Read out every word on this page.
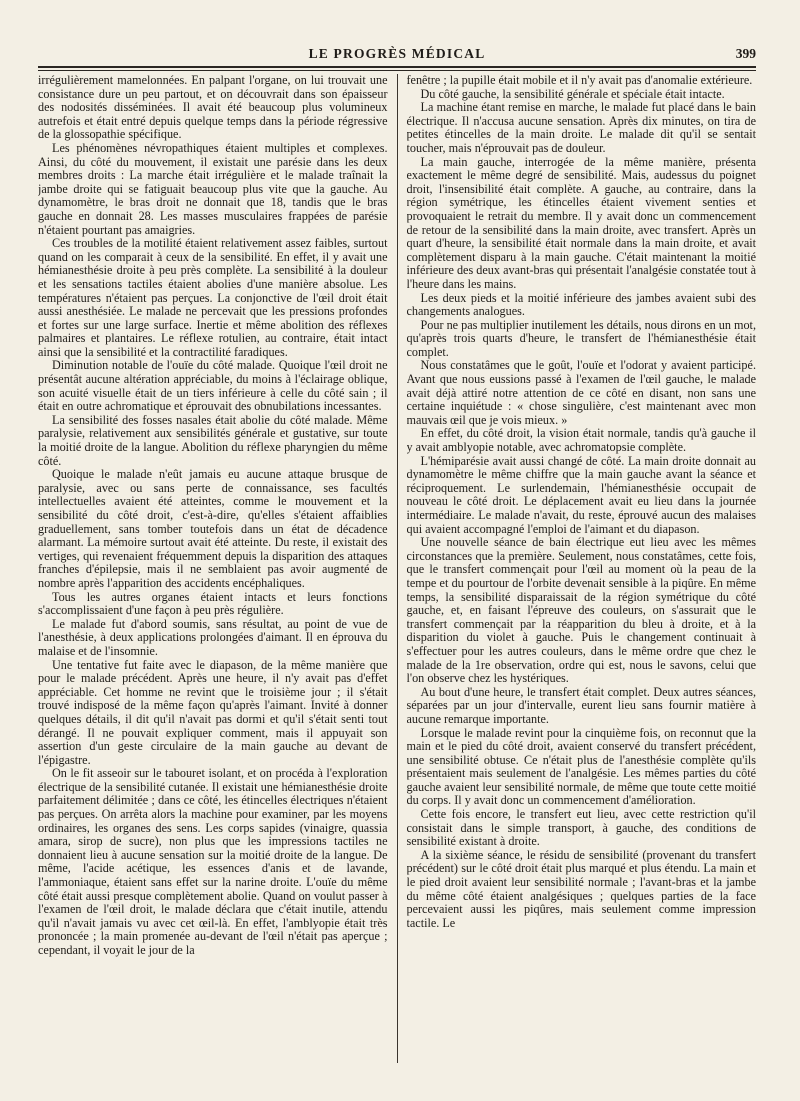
LE PROGRÈS MÉDICAL	399

irrégulièrement mamelonnées. En palpant l'organe, on lui trouvait une consistance dure un peu partout, et on découvrait dans son épaisseur des nodosités disséminées. Il avait été beaucoup plus volumineux autrefois et était entré depuis quelque temps dans la période régressive de la glossopathie spécifique.

Les phénomènes névropathiques étaient multiples et complexes. Ainsi, du côté du mouvement, il existait une parésie dans les deux membres droits : La marche était irrégulière et le malade traînait la jambe droite qui se fatiguait beaucoup plus vite que la gauche. Au dynamomètre, le bras droit ne donnait que 18, tandis que le bras gauche en donnait 28. Les masses musculaires frappées de parésie n'étaient pourtant pas amaigries.

Ces troubles de la motilité étaient relativement assez faibles, surtout quand on les comparait à ceux de la sensibilité. En effet, il y avait une hémianesthésie droite à peu près complète. La sensibilité à la douleur et les sensations tactiles étaient abolies d'une manière absolue. Les températures n'étaient pas perçues. La conjonctive de l'œil droit était aussi anesthésiée. Le malade ne percevait que les pressions profondes et fortes sur une large surface. Inertie et même abolition des réflexes palmaires et plantaires. Le réflexe rotulien, au contraire, était intact ainsi que la sensibilité et la contractilité faradiques.

Diminution notable de l'ouïe du côté malade. Quoique l'œil droit ne présentât aucune altération appréciable, du moins à l'éclairage oblique, son acuité visuelle était de un tiers inférieure à celle du côté sain ; il était en outre achromatique et éprouvait des obnubilations incessantes.

La sensibilité des fosses nasales était abolie du côté malade. Même paralysie, relativement aux sensibilités générale et gustative, sur toute la moitié droite de la langue. Abolition du réflexe pharyngien du même côté.

Quoique le malade n'eût jamais eu aucune attaque brusque de paralysie, avec ou sans perte de connaissance, ses facultés intellectuelles avaient été atteintes, comme le mouvement et la sensibilité du côté droit, c'est-à-dire, qu'elles s'étaient affaiblies graduellement, sans tomber toutefois dans un état de décadence alarmant. La mémoire surtout avait été atteinte. Du reste, il existait des vertiges, qui revenaient fréquemment depuis la disparition des attaques franches d'épilepsie, mais il ne semblaient pas avoir augmenté de nombre après l'apparition des accidents encéphaliques.

Tous les autres organes étaient intacts et leurs fonctions s'accomplissaient d'une façon à peu près régulière.

Le malade fut d'abord soumis, sans résultat, au point de vue de l'anesthésie, à deux applications prolongées d'aimant. Il en éprouva du malaise et de l'insomnie.

Une tentative fut faite avec le diapason, de la même manière que pour le malade précédent. Après une heure, il n'y avait pas d'effet appréciable. Cet homme ne revint que le troisième jour ; il s'était trouvé indisposé de la même façon qu'après l'aimant. Invité à donner quelques détails, il dit qu'il n'avait pas dormi et qu'il s'était senti tout dérangé. Il ne pouvait expliquer comment, mais il appuyait son assertion d'un geste circulaire de la main gauche au devant de l'épigastre.

On le fit asseoir sur le tabouret isolant, et on procéda à l'exploration électrique de la sensibilité cutanée. Il existait une hémianesthésie droite parfaitement délimitée ; dans ce côté, les étincelles électriques n'étaient pas perçues. On arrêta alors la machine pour examiner, par les moyens ordinaires, les organes des sens. Les corps sapides (vinaigre, quassia amara, sirop de sucre), non plus que les impressions tactiles ne donnaient lieu à aucune sensation sur la moitié droite de la langue. De même, l'acide acétique, les essences d'anis et de lavande, l'ammoniaque, étaient sans effet sur la narine droite. L'ouïe du même côté était aussi presque complètement abolie. Quand on voulut passer à l'examen de l'œil droit, le malade déclara que c'était inutile, attendu qu'il n'avait jamais vu avec cet œil-là. En effet, l'amblyopie était très prononcée ; la main promenée au-devant de l'œil n'était pas aperçue ; cependant, il voyait le jour de la

fenêtre ; la pupille était mobile et il n'y avait pas d'anomalie extérieure.

Du côté gauche, la sensibilité générale et spéciale était intacte.

La machine étant remise en marche, le malade fut placé dans le bain électrique. Il n'accusa aucune sensation. Après dix minutes, on tira de petites étincelles de la main droite. Le malade dit qu'il se sentait toucher, mais n'éprouvait pas de douleur.

La main gauche, interrogée de la même manière, présenta exactement le même degré de sensibilité. Mais, audessus du poignet droit, l'insensibilité était complète. A gauche, au contraire, dans la région symétrique, les étincelles étaient vivement senties et provoquaient le retrait du membre. Il y avait donc un commencement de retour de la sensibilité dans la main droite, avec transfert. Après un quart d'heure, la sensibilité était normale dans la main droite, et avait complètement disparu à la main gauche. C'était maintenant la moitié inférieure des deux avant-bras qui présentait l'analgésie constatée tout à l'heure dans les mains.

Les deux pieds et la moitié inférieure des jambes avaient subi des changements analogues.

Pour ne pas multiplier inutilement les détails, nous dirons en un mot, qu'après trois quarts d'heure, le transfert de l'hémianesthésie était complet.

Nous constatâmes que le goût, l'ouïe et l'odorat y avaient participé. Avant que nous eussions passé à l'examen de l'œil gauche, le malade avait déjà attiré notre attention de ce côté en disant, non sans une certaine inquiétude : « chose singulière, c'est maintenant avec mon mauvais œil que je vois mieux. »

En effet, du côté droit, la vision était normale, tandis qu'à gauche il y avait amblyopie notable, avec achromatopsie complète.

L'hémiparésie avait aussi changé de côté. La main droite donnait au dynamomètre le même chiffre que la main gauche avant la séance et réciproquement. Le surlendemain, l'hémianesthésie occupait de nouveau le côté droit. Le déplacement avait eu lieu dans la journée intermédiaire. Le malade n'avait, du reste, éprouvé aucun des malaises qui avaient accompagné l'emploi de l'aimant et du diapason.

Une nouvelle séance de bain électrique eut lieu avec les mêmes circonstances que la première. Seulement, nous constatâmes, cette fois, que le transfert commençait pour l'œil au moment où la peau de la tempe et du pourtour de l'orbite devenait sensible à la piqûre. En même temps, la sensibilité disparaissait de la région symétrique du côté gauche, et, en faisant l'épreuve des couleurs, on s'assurait que le transfert commençait par la réapparition du bleu à droite, et à la disparition du violet à gauche. Puis le changement continuait à s'effectuer pour les autres couleurs, dans le même ordre que chez le malade de la 1re observation, ordre qui est, nous le savons, celui que l'on observe chez les hystériques.

Au bout d'une heure, le transfert était complet. Deux autres séances, séparées par un jour d'intervalle, eurent lieu sans fournir matière à aucune remarque importante.

Lorsque le malade revint pour la cinquième fois, on reconnut que la main et le pied du côté droit, avaient conservé du transfert précédent, une sensibilité obtuse. Ce n'était plus de l'anesthésie complète qu'ils présentaient mais seulement de l'analgésie. Les mêmes parties du côté gauche avaient leur sensibilité normale, de même que toute cette moitié du corps. Il y avait donc un commencement d'amélioration.

Cette fois encore, le transfert eut lieu, avec cette restriction qu'il consistait dans le simple transport, à gauche, des conditions de sensibilité existant à droite.

A la sixième séance, le résidu de sensibilité (provenant du transfert précédent) sur le côté droit était plus marqué et plus étendu. La main et le pied droit avaient leur sensibilité normale ; l'avant-bras et la jambe du même côté étaient analgésiques ; quelques parties de la face percevaient aussi les piqûres, mais seulement comme impression tactile. Le
